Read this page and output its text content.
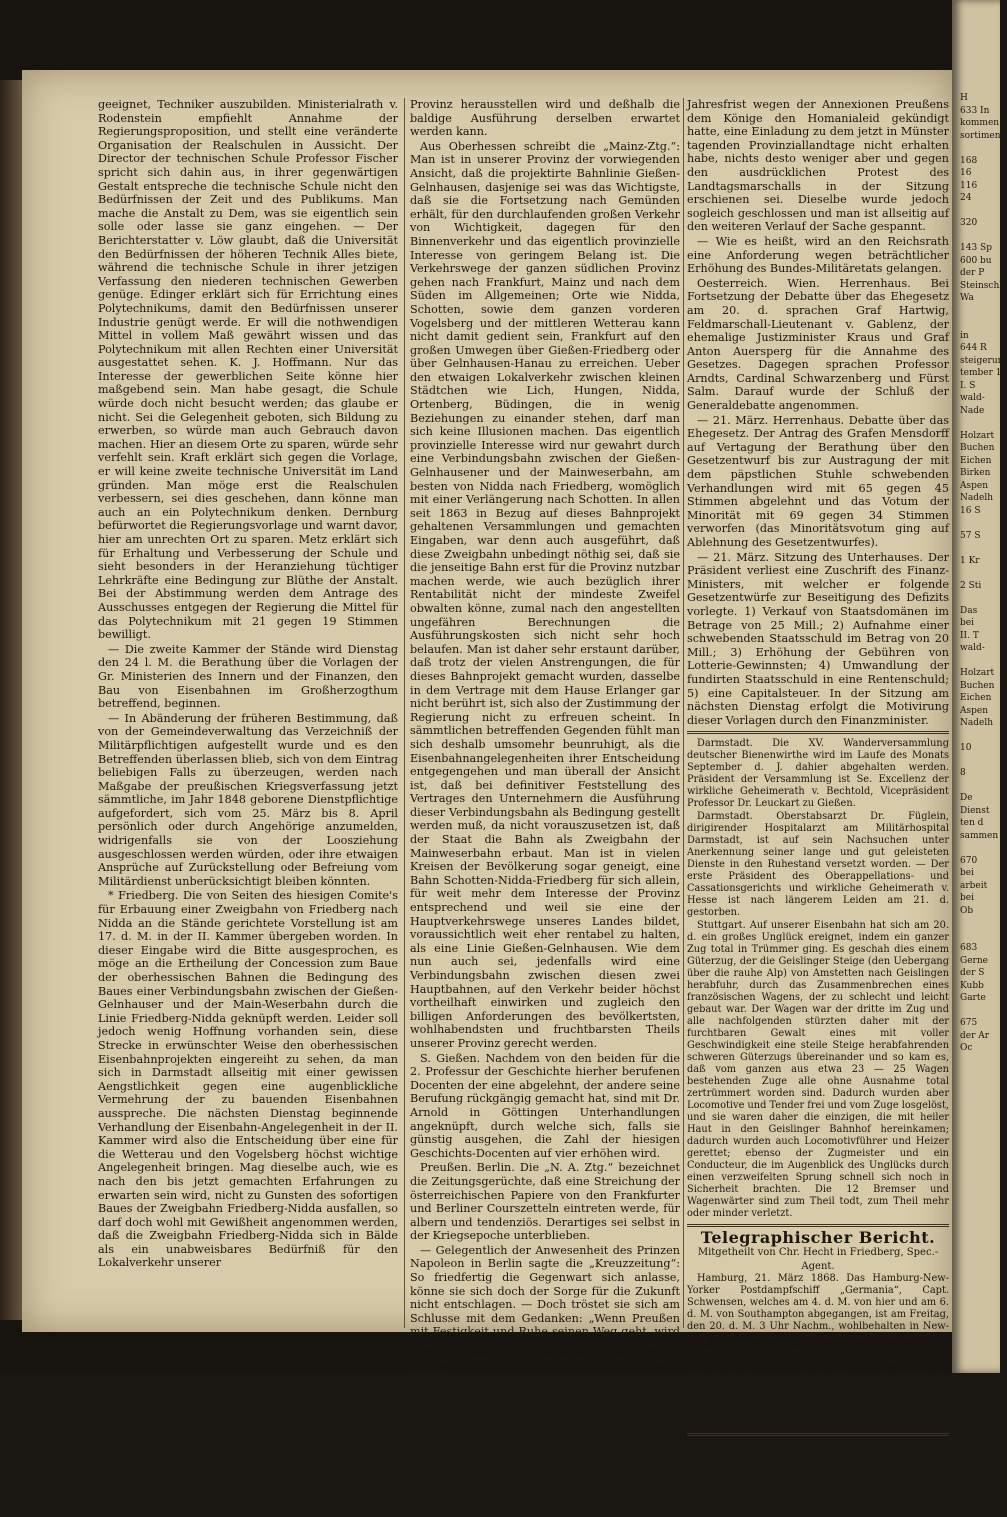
geeignet, Techniker auszubilden. Ministerialrath v. Rodenstein empfiehlt Annahme der Regierungsproposition, und stellt eine veränderte Organisation der Realschulen in Aussicht. Der Director der technischen Schule Professor Fischer spricht sich dahin aus, in ihrer gegenwärtigen Gestalt entspreche die technische Schule nicht den Bedürfnissen der Zeit und des Publikums. Man mache die Anstalt zu Dem, was sie eigentlich sein solle oder lasse sie ganz eingehen. — Der Berichterstatter v. Löw glaubt, daß die Universität den Bedürfnissen der höheren Technik Alles biete, während die technische Schule in ihrer jetzigen Verfassung den niederen technischen Gewerben genüge. Edinger erklärt sich für Errichtung eines Polytechnikums, damit den Bedürfnissen unserer Industrie genügt werde. Er will die nothwendigen Mittel in vollem Maß gewährt wissen und das Polytechnikum mit allen Rechten einer Universität ausgestattet sehen. K. J. Hoffmann. Nur das Interesse der gewerblichen Seite könne hier maßgebend sein. Man habe gesagt, die Schule würde doch nicht besucht werden; das glaube er nicht. Sei die Gelegenheit geboten, sich Bildung zu erwerben, so würde man auch Gebrauch davon machen. Hier an diesem Orte zu sparen, würde sehr verfehlt sein. Kraft erklärt sich gegen die Vorlage, er will keine zweite technische Universität im Land gründen. Man möge erst die Realschulen verbessern, sei dies geschehen, dann könne man auch an ein Polytechnikum denken. Dernburg befürwortet die Regierungsvorlage und warnt davor, hier am unrechten Ort zu sparen. Metz erklärt sich für Erhaltung und Verbesserung der Schule und sieht besonders in der Heranziehung tüchtiger Lehrkräfte eine Bedingung zur Blüthe der Anstalt. Bei der Abstimmung werden dem Antrage des Ausschusses entgegen der Regierung die Mittel für das Polytechnikum mit 21 gegen 19 Stimmen bewilligt.

— Die zweite Kammer der Stände wird Dienstag den 24 l. M. die Berathung über die Vorlagen der Gr. Ministerien des Innern und der Finanzen, den Bau von Eisenbahnen im Großherzogthum betreffend, beginnen.

— In Abänderung der früheren Bestimmung, daß von der Gemeindeverwaltung das Verzeichniß der Militärpflichtigen aufgestellt wurde und es den Betreffenden überlassen blieb, sich von dem Eintrag beliebigen Falls zu überzeugen, werden nach Maßgabe der preußischen Kriegsverfassung jetzt sämmtliche, im Jahr 1848 geborene Dienstpflichtige aufgefordert, sich vom 25. März bis 8. April persönlich oder durch Angehörige anzumelden, widrigenfalls sie von der Loosziehung ausgeschlossen werden würden, oder ihre etwaigen Ansprüche auf Zurückstellung oder Befreiung vom Militärdienst unberücksichtigt bleiben könnten.

* Friedberg. Die von Seiten des hiesigen Comite's für Erbauung einer Zweigbahn von Friedberg nach Nidda an die Stände gerichtete Vorstellung ist am 17. d. M. in der II. Kammer übergeben worden. In dieser Eingabe wird die Bitte ausgesprochen, es möge an die Ertheilung der Concession zum Baue der oberhessischen Bahnen die Bedingung des Baues einer Verbindungsbahn zwischen der Gießen-Gelnhauser und der Main-Weserbahn durch die Linie Friedberg-Nidda geknüpft werden. Leider soll jedoch wenig Hoffnung vorhanden sein, diese Strecke in erwünschter Weise den oberhessischen Eisenbahnprojekten eingereiht zu sehen, da man sich in Darmstadt allseitig mit einer gewissen Aengstlichkeit gegen eine augenblickliche Vermehrung der zu bauenden Eisenbahnen ausspreche. Die nächsten Dienstag beginnende Verhandlung der Eisenbahn-Angelegenheit in der II. Kammer wird also die Entscheidung über eine für die Wetterau und den Vogelsberg höchst wichtige Angelegenheit bringen. Mag dieselbe auch, wie es nach den bis jetzt gemachten Erfahrungen zu erwarten sein wird, nicht zu Gunsten des sofortigen Baues der Zweigbahn Friedberg-Nidda ausfallen, so darf doch wohl mit Gewißheit angenommen werden, daß die Zweigbahn Friedberg-Nidda sich in Bälde als ein unabweisbares Bedürfniß für den Lokalverkehr unserer

Provinz herausstellen wird und deßhalb die baldige Ausführung derselben erwartet werden kann.

Aus Oberhessen schreibt die „Mainz-Ztg.“: Man ist in unserer Provinz der vorwiegenden Ansicht, daß die projektirte Bahnlinie Gießen-Gelnhausen, dasjenige sei was das Wichtigste, daß sie die Fortsetzung nach Gemünden erhält, für den durchlaufenden großen Verkehr von Wichtigkeit, dagegen für den Binnenverkehr und das eigentlich provinzielle Interesse von geringem Belang ist. Die Verkehrswege der ganzen südlichen Provinz gehen nach Frankfurt, Mainz und nach dem Süden im Allgemeinen; Orte wie Nidda, Schotten, sowie dem ganzen vorderen Vogelsberg und der mittleren Wetterau kann nicht damit gedient sein, Frankfurt auf den großen Umwegen über Gießen-Friedberg oder über Gelnhausen-Hanau zu erreichen. Ueber den etwaigen Lokalverkehr zwischen kleinen Städtchen wie Lich, Hungen, Nidda, Ortenberg, Büdingen, die in wenig Beziehungen zu einander stehen, darf man sich keine Illusionen machen. Das eigentlich provinzielle Interesse wird nur gewahrt durch eine Verbindungsbahn zwischen der Gießen-Gelnhausener und der Mainweserbahn, am besten von Nidda nach Friedberg, womöglich mit einer Verlängerung nach Schotten. In allen seit 1863 in Bezug auf dieses Bahnprojekt gehaltenen Versammlungen und gemachten Eingaben, war denn auch ausgeführt, daß diese Zweigbahn unbedingt nöthig sei, daß sie die jenseitige Bahn erst für die Provinz nutzbar machen werde, wie auch bezüglich ihrer Rentabilität nicht der mindeste Zweifel obwalten könne, zumal nach den angestellten ungefähren Berechnungen die Ausführungskosten sich nicht sehr hoch belaufen. Man ist daher sehr erstaunt darüber, daß trotz der vielen Anstrengungen, die für dieses Bahnprojekt gemacht wurden, dasselbe in dem Vertrage mit dem Hause Erlanger gar nicht berührt ist, sich also der Zustimmung der Regierung nicht zu erfreuen scheint. In sämmtlichen betreffenden Gegenden fühlt man sich deshalb umsomehr beunruhigt, als die Eisenbahnangelegenheiten ihrer Entscheidung entgegengehen und man überall der Ansicht ist, daß bei definitiver Feststellung des Vertrages den Unternehmern die Ausführung dieser Verbindungsbahn als Bedingung gestellt werden muß, da nicht vorauszusetzen ist, daß der Staat die Bahn als Zweigbahn der Mainweserbahn erbaut. Man ist in vielen Kreisen der Bevölkerung sogar geneigt, eine Bahn Schotten-Nidda-Friedberg für sich allein, für weit mehr dem Interesse der Provinz entsprechend und weil sie eine der Hauptverkehrswege unseres Landes bildet, voraussichtlich weit eher rentabel zu halten, als eine Linie Gießen-Gelnhausen. Wie dem nun auch sei, jedenfalls wird eine Verbindungsbahn zwischen diesen zwei Hauptbahnen, auf den Verkehr beider höchst vortheilhaft einwirken und zugleich den billigen Anforderungen des bevölkertsten, wohlhabendsten und fruchtbarsten Theils unserer Provinz gerecht werden.

S. Gießen. Nachdem von den beiden für die 2. Professur der Geschichte hierher berufenen Docenten der eine abgelehnt, der andere seine Berufung rückgängig gemacht hat, sind mit Dr. Arnold in Göttingen Unterhandlungen angeknüpft, durch welche sich, falls sie günstig ausgehen, die Zahl der hiesigen Geschichts-Docenten auf vier erhöhen wird.

Preußen. Berlin. Die „N. A. Ztg.“ bezeichnet die Zeitungsgerüchte, daß eine Streichung der österreichischen Papiere von den Frankfurter und Berliner Courszetteln eintreten werde, für albern und tendenziös. Derartiges sei selbst in der Kriegsepoche unterblieben.

— Gelegentlich der Anwesenheit des Prinzen Napoleon in Berlin sagte die „Kreuzzeitung“: So friedfertig die Gegenwart sich anlasse, könne sie sich doch der Sorge für die Zukunft nicht entschlagen. — Doch tröstet sie sich am Schlusse mit dem Gedanken: „Wenn Preußen mit Festigkeit und Ruhe seinen Weg geht, wird Niemand uns stören, und an Allianzen würde es uns — wenn's nöthig wäre — gewiß nicht fehlen.“

Aus Westphalen wird gemeldet, daß Graf Westphalen auf Haus Laer, welcher vor

Jahresfrist wegen der Annexionen Preußens dem Könige den Homanialeid gekündigt hatte, eine Einladung zu dem jetzt in Münster tagenden Provinziallandtage nicht erhalten habe, nichts desto weniger aber und gegen den ausdrücklichen Protest des Landtagsmarschalls in der Sitzung erschienen sei. Dieselbe wurde jedoch sogleich geschlossen und man ist allseitig auf den weiteren Verlauf der Sache gespannt.

— Wie es heißt, wird an den Reichsrath eine Anforderung wegen beträchtlicher Erhöhung des Bundes-Militäretats gelangen.

Oesterreich. Wien. Herrenhaus. Bei Fortsetzung der Debatte über das Ehegesetz am 20. d. sprachen Graf Hartwig, Feldmarschall-Lieutenant v. Gablenz, der ehemalige Justizminister Kraus und Graf Anton Auersperg für die Annahme des Gesetzes. Dagegen sprachen Professor Arndts, Cardinal Schwarzenberg und Fürst Salm. Darauf wurde der Schluß der Generaldebatte angenommen.

— 21. März. Herrenhaus. Debatte über das Ehegesetz. Der Antrag des Grafen Mensdorff auf Vertagung der Berathung über den Gesetzentwurf bis zur Austragung der mit dem päpstlichen Stuhle schwebenden Verhandlungen wird mit 65 gegen 45 Stimmen abgelehnt und das Votum der Minorität mit 69 gegen 34 Stimmen verworfen (das Minoritätsvotum ging auf Ablehnung des Gesetzentwurfes).

— 21. März. Sitzung des Unterhauses. Der Präsident verliest eine Zuschrift des Finanz-Ministers, mit welcher er folgende Gesetzentwürfe zur Beseitigung des Defizits vorlegte. 1) Verkauf von Staatsdomänen im Betrage von 25 Mill.; 2) Aufnahme einer schwebenden Staatsschuld im Betrag von 20 Mill.; 3) Erhöhung der Gebühren von Lotterie-Gewinnsten; 4) Umwandlung der fundirten Staatsschuld in eine Rentenschuld; 5) eine Capitalsteuer. In der Sitzung am nächsten Dienstag erfolgt die Motivirung dieser Vorlagen durch den Finanzminister.

Darmstadt. Die XV. Wanderversammlung deutscher Bienenwirthe wird im Laufe des Monats September d. J. dahier abgehalten werden. Präsident der Versammlung ist Se. Excellenz der wirkliche Geheimerath v. Bechtold, Vicepräsident Professor Dr. Leuckart zu Gießen.

Darmstadt. Oberstabsarzt Dr. Füglein, dirigirender Hospitalarzt am Militärhospital Darmstadt, ist auf sein Nachsuchen unter Anerkennung seiner lange und gut geleisteten Dienste in den Ruhestand versetzt worden. — Der erste Präsident des Oberappellations- und Cassationsgerichts und wirkliche Geheimerath v. Hesse ist nach längerem Leiden am 21. d. gestorben.

Stuttgart. Auf unserer Eisenbahn hat sich am 20. d. ein großes Unglück ereignet, indem ein ganzer Zug total in Trümmer ging. Es geschah dies einem Güterzug, der die Geislinger Steige (den Uebergang über die rauhe Alp) von Amstetten nach Geislingen herabfuhr, durch das Zusammenbrechen eines französischen Wagens, der zu schlecht und leicht gebaut war. Der Wagen war der dritte im Zug und alle nachfolgenden stürzten daher mit der furchtbaren Gewalt eines mit voller Geschwindigkeit eine steile Steige herabfahrenden schweren Güterzugs übereinander und so kam es, daß vom ganzen aus etwa 23 — 25 Wagen bestehenden Zuge alle ohne Ausnahme total zertrümmert worden sind. Dadurch wurden aber Locomotive und Tender frei und vom Zuge losgelöst, und sie waren daher die einzigen, die mit heiler Haut in den Geislinger Bahnhof hereinkamen; dadurch wurden auch Locomotivführer und Heizer gerettet; ebenso der Zugmeister und ein Conducteur, die im Augenblick des Unglücks durch einen verzweifelten Sprung schnell sich noch in Sicherheit brachten. Die 12 Bremser und Wagenwärter sind zum Theil todt, zum Theil mehr oder minder verletzt.

Telegraphischer Bericht.
Mitgetheilt von Chr. Hecht in Friedberg, Spec.-Agent.

Hamburg, 21. März 1868. Das Hamburg-New-Yorker Postdampfschiff „Germania“, Capt. Schwensen, welches am 4. d. M. von hier und am 6. d. M. von Southampton abgegangen, ist am Freitag, den 20. d. M. 3 Uhr Nachm., wohlbehalten in New-York angekommen. Das Hamburger Postdampfschiff „Cimbria“, Capt. Haack, ging, expedirt von Herrn August Bolten, William Millers Nachf., am 18. März von Hamburg via Southampton nach New-York ab. Außer einer starken Brief- u. Packetpost hatte dasselbe 69 Passagiere in der Cajüte und 576 Passagiere im Zwischendeck, sowie 300 Tons Ladung.

Verloosungen.

Freiburg, 15. März. (15 Fr. Loose von 1861.) Bei der heutigen Ziehung wurden folgende Haupttreffer gezogen: Serie 5045 Nr. 19 40,000 Fr., Serie 7523 Nr. 45 4000 Fr. und Serie 944 Nr. 6 1000 Fr. Die Gewinnzahlung geschieht am 15. Juni d. J.

H
633 In
kommen
sortiment

168
16
116
24

320

143 Sp
600 bu
der P
Steinschla
Wa

in
644 R
steigerun
tember 1
I. S
wald-
Nade

Holzart
Buchen
Eichen
Birken
Aspen
Nadelh
16 S

57 S

1 Kr

2 Sti

Das
bei
II. T
wald-

Holzart
Buchen
Eichen
Aspen
Nadelh

10

8

De
Dienst
ten d
sammen

670
bei
arbeit
bei
Ob

683
Gerne
der S
Kubb
Garte

675
der Ar
Oc
